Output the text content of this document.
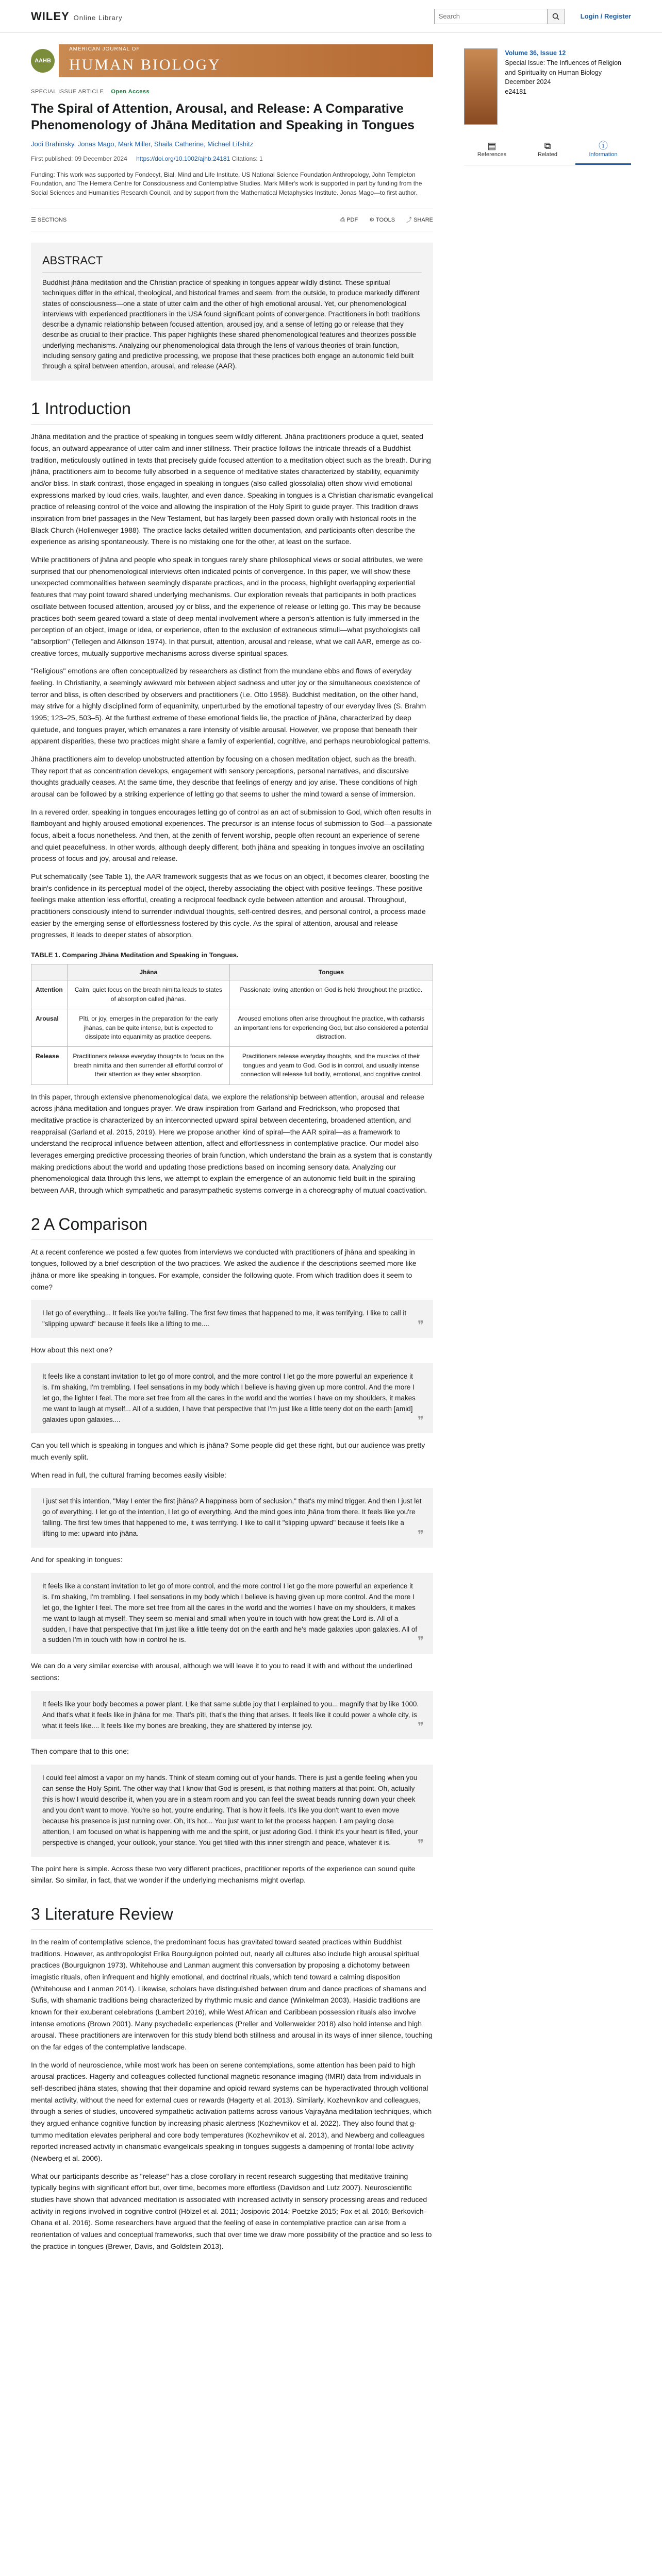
WILEY Online Library
Search	Login / Register
AAHB
AMERICAN JOURNAL OF
HUMAN BIOLOGY
SPECIAL ISSUE ARTICLE Open Access
The Spiral of Attention, Arousal, and Release: A Comparative Phenomenology of Jhāna Meditation and Speaking in Tongues
Jodi Brahinsky, Jonas Mago, Mark Miller, Shaila Catherine, Michael Lifshitz
First published: 09 December 2024 https://doi.org/10.1002/ajhb.24181 Citations: 1
Funding: This work was supported by Fondecyt, Bial, Mind and Life Institute, US National Science Foundation Anthropology, John Templeton Foundation, and The Hemera Centre for Consciousness and Contemplative Studies. Mark Miller's work is supported in part by funding from the Social Sciences and Humanities Research Council, and by support from the Mathematical Metaphysics Institute. Jonas Mago—to first author.
☰ SECTIONS	⎙ PDF ⚙ TOOLS ⤴ SHARE
ABSTRACT

Buddhist jhāna meditation and the Christian practice of speaking in tongues appear wildly distinct. These spiritual techniques differ in the ethical, theological, and historical frames and seem, from the outside, to produce markedly different states of consciousness—one a state of utter calm and the other of high emotional arousal. Yet, our phenomenological interviews with experienced practitioners in the USA found significant points of convergence. Practitioners in both traditions describe a dynamic relationship between focused attention, aroused joy, and a sense of letting go or release that they describe as crucial to their practice. This paper highlights these shared phenomenological features and theorizes possible underlying mechanisms. Analyzing our phenomenological data through the lens of various theories of brain function, including sensory gating and predictive processing, we propose that these practices both engage an autonomic field built through a spiral between attention, arousal, and release (AAR).

1 Introduction

Jhāna meditation and the practice of speaking in tongues seem wildly different. Jhāna practitioners produce a quiet, seated focus, an outward appearance of utter calm and inner stillness. Their practice follows the intricate threads of a Buddhist tradition, meticulously outlined in texts that precisely guide focused attention to a meditation object such as the breath. During jhāna, practitioners aim to become fully absorbed in a sequence of meditative states characterized by stability, equanimity and/or bliss. In stark contrast, those engaged in speaking in tongues (also called glossolalia) often show vivid emotional expressions marked by loud cries, wails, laughter, and even dance. Speaking in tongues is a Christian charismatic evangelical practice of releasing control of the voice and allowing the inspiration of the Holy Spirit to guide prayer. This tradition draws inspiration from brief passages in the New Testament, but has largely been passed down orally with historical roots in the Black Church (Hollenweger 1988). The practice lacks detailed written documentation, and participants often describe the experience as arising spontaneously. There is no mistaking one for the other, at least on the surface.

While practitioners of jhāna and people who speak in tongues rarely share philosophical views or social attributes, we were surprised that our phenomenological interviews often indicated points of convergence. In this paper, we will show these unexpected commonalities between seemingly disparate practices, and in the process, highlight overlapping experiential features that may point toward shared underlying mechanisms. Our exploration reveals that participants in both practices oscillate between focused attention, aroused joy or bliss, and the experience of release or letting go. This may be because practices both seem geared toward a state of deep mental involvement where a person's attention is fully immersed in the perception of an object, image or idea, or experience, often to the exclusion of extraneous stimuli—what psychologists call "absorption" (Tellegen and Atkinson 1974). In that pursuit, attention, arousal and release, what we call AAR, emerge as co-creative forces, mutually supportive mechanisms across diverse spiritual spaces.

"Religious" emotions are often conceptualized by researchers as distinct from the mundane ebbs and flows of everyday feeling. In Christianity, a seemingly awkward mix between abject sadness and utter joy or the simultaneous coexistence of terror and bliss, is often described by observers and practitioners (i.e. Otto 1958). Buddhist meditation, on the other hand, may strive for a highly disciplined form of equanimity, unperturbed by the emotional tapestry of our everyday lives (S. Brahm 1995; 123–25, 503–5). At the furthest extreme of these emotional fields lie, the practice of jhāna, characterized by deep quietude, and tongues prayer, which emanates a rare intensity of visible arousal. However, we propose that beneath their apparent disparities, these two practices might share a family of experiential, cognitive, and perhaps neurobiological patterns.

Jhāna practitioners aim to develop unobstructed attention by focusing on a chosen meditation object, such as the breath. They report that as concentration develops, engagement with sensory perceptions, personal narratives, and discursive thoughts gradually ceases. At the same time, they describe that feelings of energy and joy arise. These conditions of high arousal can be followed by a striking experience of letting go that seems to usher the mind toward a sense of immersion.

In a revered order, speaking in tongues encourages letting go of control as an act of submission to God, which often results in flamboyant and highly aroused emotional experiences. The precursor is an intense focus of submission to God—a passionate focus, albeit a focus nonetheless. And then, at the zenith of fervent worship, people often recount an experience of serene and quiet peacefulness. In other words, although deeply different, both jhāna and speaking in tongues involve an oscillating process of focus and joy, arousal and release.

Put schematically (see Table 1), the AAR framework suggests that as we focus on an object, it becomes clearer, boosting the brain's confidence in its perceptual model of the object, thereby associating the object with positive feelings. These positive feelings make attention less effortful, creating a reciprocal feedback cycle between attention and arousal. Throughout, practitioners consciously intend to surrender individual thoughts, self-centred desires, and personal control, a process made easier by the emerging sense of effortlessness fostered by this cycle. As the spiral of attention, arousal and release progresses, it leads to deeper states of absorption.

TABLE 1. Comparing Jhāna Meditation and Speaking in Tongues.
	Jhāna	Tongues
Attention	Calm, quiet focus on the breath nimitta leads to states of absorption called jhānas.	Passionate loving attention on God is held throughout the practice.
Arousal	Pīti, or joy, emerges in the preparation for the early jhānas, can be quite intense, but is expected to dissipate into equanimity as practice deepens.	Aroused emotions often arise throughout the practice, with catharsis an important lens for experiencing God, but also considered a potential distraction.
Release	Practitioners release everyday thoughts to focus on the breath nimitta and then surrender all effortful control of their attention as they enter absorption.	Practitioners release everyday thoughts, and the muscles of their tongues and yearn to God. God is in control, and usually intense connection will release full bodily, emotional, and cognitive control.

In this paper, through extensive phenomenological data, we explore the relationship between attention, arousal and release across jhāna meditation and tongues prayer. We draw inspiration from Garland and Fredrickson, who proposed that meditative practice is characterized by an interconnected upward spiral between decentering, broadened attention, and reappraisal (Garland et al. 2015, 2019). Here we propose another kind of spiral—the AAR spiral—as a framework to understand the reciprocal influence between attention, affect and effortlessness in contemplative practice. Our model also leverages emerging predictive processing theories of brain function, which understand the brain as a system that is constantly making predictions about the world and updating those predictions based on incoming sensory data. Analyzing our phenomenological data through this lens, we attempt to explain the emergence of an autonomic field built in the spiraling between AAR, through which sympathetic and parasympathetic systems converge in a choreography of mutual coactivation.

2 A Comparison

At a recent conference we posted a few quotes from interviews we conducted with practitioners of jhāna and speaking in tongues, followed by a brief description of the two practices. We asked the audience if the descriptions seemed more like jhāna or more like speaking in tongues. For example, consider the following quote. From which tradition does it seem to come?

I let go of everything... It feels like you're falling. The first few times that happened to me, it was terrifying. I like to call it "slipping upward" because it feels like a lifting to me....	❞

How about this next one?

It feels like a constant invitation to let go of more control, and the more control I let go the more powerful an experience it is. I'm shaking, I'm trembling. I feel sensations in my body which I believe is having given up more control. And the more I let go, the lighter I feel. The more set free from all the cares in the world and the worries I have on my shoulders, it makes me want to laugh at myself... All of a sudden, I have that perspective that I'm just like a little teeny dot on the earth [amid] galaxies upon galaxies....	❞

Can you tell which is speaking in tongues and which is jhāna? Some people did get these right, but our audience was pretty much evenly split.

When read in full, the cultural framing becomes easily visible:

I just set this intention, "May I enter the first jhāna? A happiness born of seclusion," that's my mind trigger. And then I just let go of everything. I let go of the intention, I let go of everything. And the mind goes into jhāna from there. It feels like you're falling. The first few times that happened to me, it was terrifying. I like to call it "slipping upward" because it feels like a lifting to me: upward into jhāna.	❞

And for speaking in tongues:

It feels like a constant invitation to let go of more control, and the more control I let go the more powerful an experience it is. I'm shaking, I'm trembling. I feel sensations in my body which I believe is having given up more control. And the more I let go, the lighter I feel. The more set free from all the cares in the world and the worries I have on my shoulders, it makes me want to laugh at myself. They seem so menial and small when you're in touch with how great the Lord is. All of a sudden, I have that perspective that I'm just like a little teeny dot on the earth and he's made galaxies upon galaxies. All of a sudden I'm in touch with how in control he is.	❞

We can do a very similar exercise with arousal, although we will leave it to you to read it with and without the underlined sections:

It feels like your body becomes a power plant. Like that same subtle joy that I explained to you... magnify that by like 1000. And that's what it feels like in jhāna for me. That's pīti, that's the thing that arises. It feels like it could power a whole city, is what it feels like.... It feels like my bones are breaking, they are shattered by intense joy.	❞

Then compare that to this one:

I could feel almost a vapor on my hands. Think of steam coming out of your hands. There is just a gentle feeling when you can sense the Holy Spirit. The other way that I know that God is present, is that nothing matters at that point. Oh, actually this is how I would describe it, when you are in a steam room and you can feel the sweat beads running down your cheek and you don't want to move. You're so hot, you're enduring. That is how it feels. It's like you don't want to even move because his presence is just running over. Oh, it's hot... You just want to let the process happen. I am paying close attention, I am focused on what is happening with me and the spirit, or just adoring God. I think it's your heart is filled, your perspective is changed, your outlook, your stance. You get filled with this inner strength and peace, whatever it is. ❞

The point here is simple. Across these two very different practices, practitioner reports of the experience can sound quite similar. So similar, in fact, that we wonder if the underlying mechanisms might overlap.

3 Literature Review

In the realm of contemplative science, the predominant focus has gravitated toward seated practices within Buddhist traditions. However, as anthropologist Erika Bourguignon pointed out, nearly all cultures also include high arousal spiritual practices (Bourguignon 1973). Whitehouse and Lanman augment this conversation by proposing a dichotomy between imagistic rituals, often infrequent and highly emotional, and doctrinal rituals, which tend toward a calming disposition (Whitehouse and Lanman 2014). Likewise, scholars have distinguished between drum and dance practices of shamans and Sufis, with shamanic traditions being characterized by rhythmic music and dance (Winkelman 2003). Hasidic traditions are known for their exuberant celebrations (Lambert 2016), while West African and Caribbean possession rituals also involve intense emotions (Brown 2001). Many psychedelic experiences (Preller and Vollenweider 2018) also hold intense and high arousal. These practitioners are interwoven for this study blend both stillness and arousal in its ways of inner silence, touching on the far edges of the contemplative landscape.

In the world of neuroscience, while most work has been on serene contemplations, some attention has been paid to high arousal practices. Hagerty and colleagues collected functional magnetic resonance imaging (fMRI) data from individuals in self-described jhāna states, showing that their dopamine and opioid reward systems can be hyperactivated through volitional mental activity, without the need for external cues or rewards (Hagerty et al. 2013). Similarly, Kozhevnikov and colleagues, through a series of studies, uncovered sympathetic activation patterns across various Vajrayāna meditation techniques, which they argued enhance cognitive function by increasing phasic alertness (Kozhevnikov et al. 2022). They also found that g-tummo meditation elevates peripheral and core body temperatures (Kozhevnikov et al. 2013), and Newberg and colleagues reported increased activity in charismatic evangelicals speaking in tongues suggests a dampening of frontal lobe activity (Newberg et al. 2006).

What our participants describe as "release" has a close corollary in recent research suggesting that meditative training typically begins with significant effort but, over time, becomes more effortless (Davidson and Lutz 2007). Neuroscientific studies have shown that advanced meditation is associated with increased activity in sensory processing areas and reduced activity in regions involved in cognitive control (Hölzel et al. 2011; Josipovic 2014; Poetzke 2015; Fox et al. 2016; Berkovich-Ohana et al. 2016). Some researchers have argued that the feeling of ease in contemplative practice can arise from a reorientation of values and conceptual frameworks, such that over time we draw more possibility of the practice and so less to the practice in tongues (Brewer, Davis, and Goldstein 2013).

Volume 36, Issue 12
Special Issue: The Influences of Religion and Spirituality on Human Biology
December 2024
e24181
▤
References
⧉
Related
ⓘ
Information
